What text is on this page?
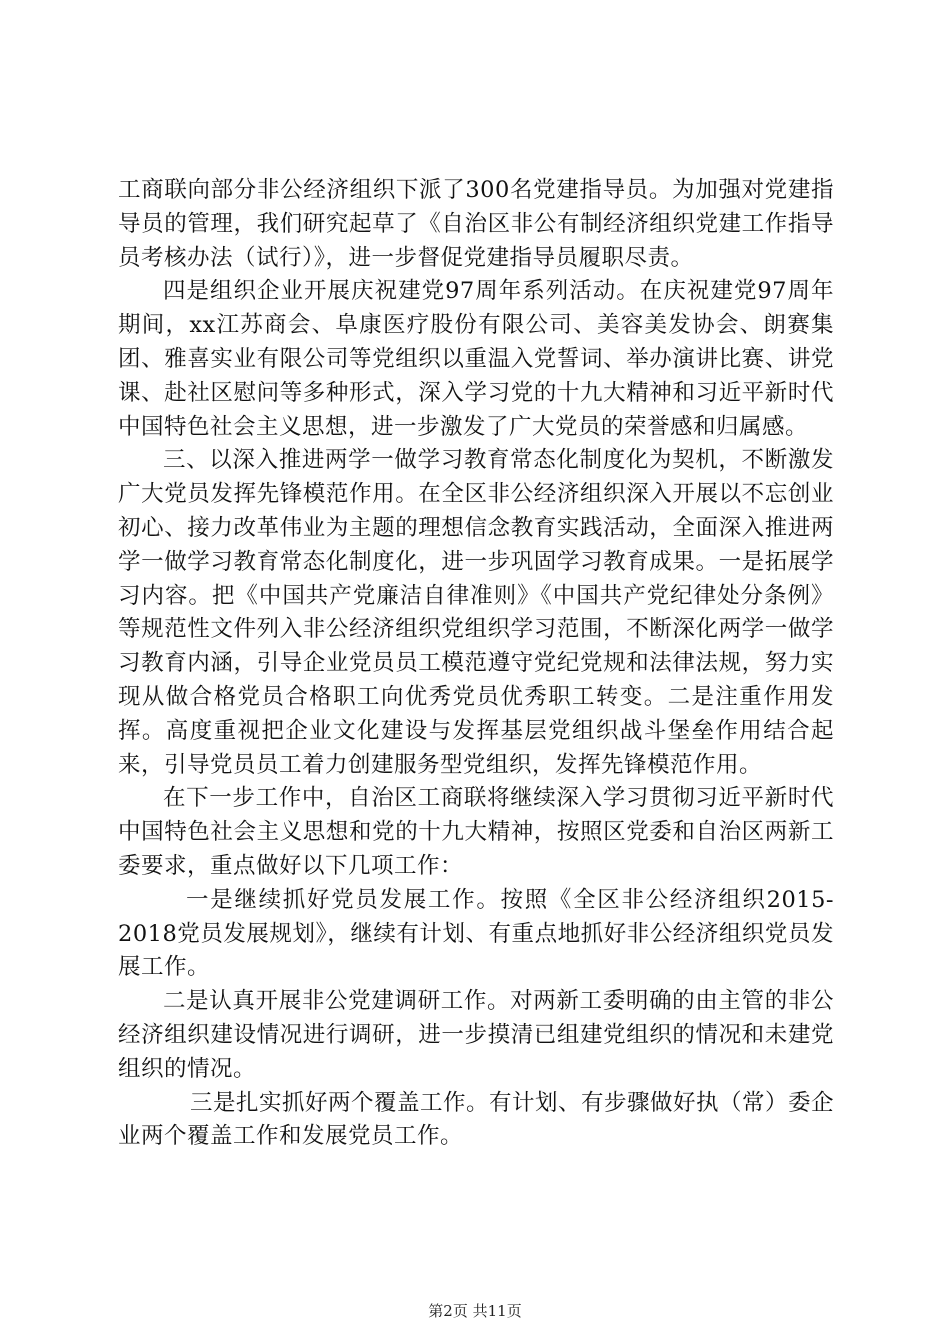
工商联向部分非公经济组织下派了300名党建指导员。为加强对党建指导员的管理，我们研究起草了《自治区非公有制经济组织党建工作指导员考核办法（试行）》，进一步督促党建指导员履职尽责。

四是组织企业开展庆祝建党97周年系列活动。在庆祝建党97周年期间，xx江苏商会、阜康医疗股份有限公司、美容美发协会、朗赛集团、雅喜实业有限公司等党组织以重温入党誓词、举办演讲比赛、讲党课、赴社区慰问等多种形式，深入学习党的十九大精神和习近平新时代中国特色社会主义思想，进一步激发了广大党员的荣誉感和归属感。

三、以深入推进两学一做学习教育常态化制度化为契机，不断激发广大党员发挥先锋模范作用。在全区非公经济组织深入开展以不忘创业初心、接力改革伟业为主题的理想信念教育实践活动，全面深入推进两学一做学习教育常态化制度化，进一步巩固学习教育成果。一是拓展学习内容。把《中国共产党廉洁自律准则》《中国共产党纪律处分条例》等规范性文件列入非公经济组织党组织学习范围，不断深化两学一做学习教育内涵，引导企业党员员工模范遵守党纪党规和法律法规，努力实现从做合格党员合格职工向优秀党员优秀职工转变。二是注重作用发挥。高度重视把企业文化建设与发挥基层党组织战斗堡垒作用结合起来，引导党员员工着力创建服务型党组织，发挥先锋模范作用。

在下一步工作中，自治区工商联将继续深入学习贯彻习近平新时代中国特色社会主义思想和党的十九大精神，按照区党委和自治区两新工委要求，重点做好以下几项工作：

一是继续抓好党员发展工作。按照《全区非公经济组织2015-2018党员发展规划》，继续有计划、有重点地抓好非公经济组织党员发展工作。

二是认真开展非公党建调研工作。对两新工委明确的由主管的非公经济组织建设情况进行调研，进一步摸清已组建党组织的情况和未建党组织的情况。

三是扎实抓好两个覆盖工作。有计划、有步骤做好执（常）委企业两个覆盖工作和发展党员工作。

第2页 共11页
